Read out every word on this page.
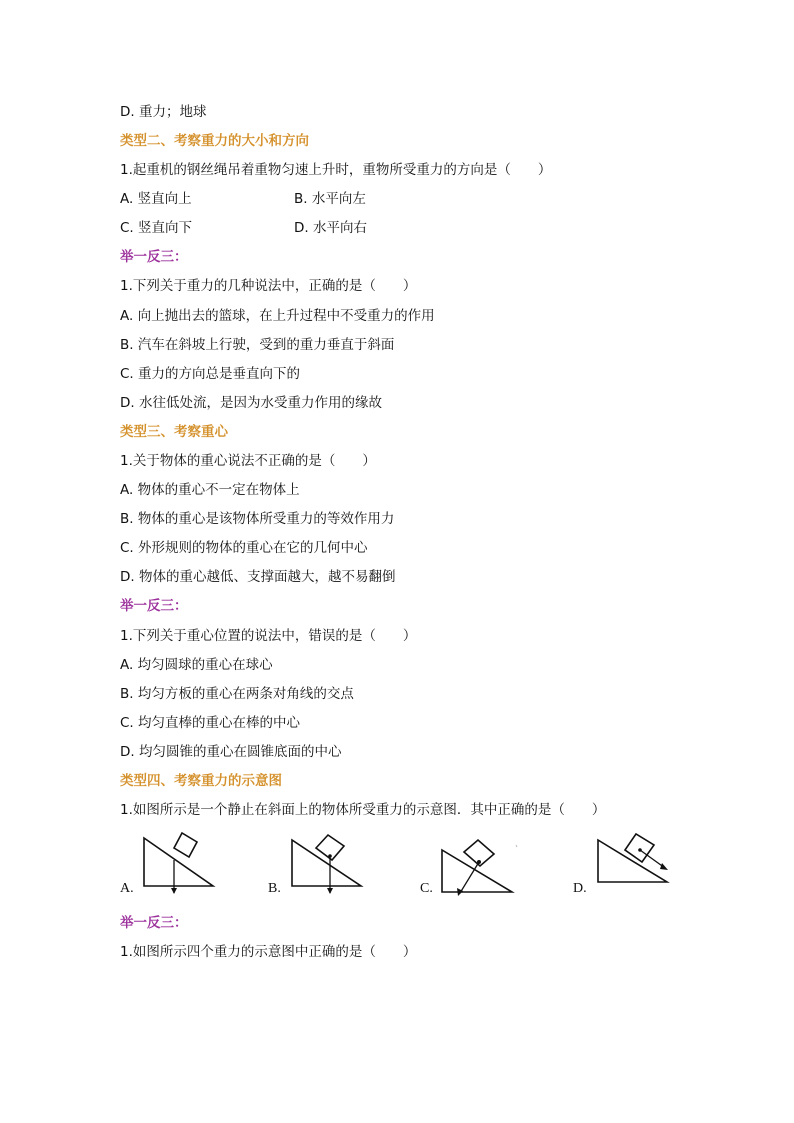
D. 重力；地球
类型二、考察重力的大小和方向
1.起重机的钢丝绳吊着重物匀速上升时，重物所受重力的方向是（　　）
A. 竖直向上	B. 水平向左
C. 竖直向下	D. 水平向右
举一反三：
1.下列关于重力的几种说法中，正确的是（　　）
A. 向上抛出去的篮球，在上升过程中不受重力的作用
B. 汽车在斜坡上行驶，受到的重力垂直于斜面
C. 重力的方向总是垂直向下的
D. 水往低处流，是因为水受重力作用的缘故
类型三、考察重心
1.关于物体的重心说法不正确的是（　　）
A. 物体的重心不一定在物体上
B. 物体的重心是该物体所受重力的等效作用力
C. 外形规则的物体的重心在它的几何中心
D. 物体的重心越低、支撑面越大，越不易翻倒
举一反三：
1.下列关于重心位置的说法中，错误的是（　　）
A. 均匀圆球的重心在球心
B. 均匀方板的重心在两条对角线的交点
C. 均匀直棒的重心在棒的中心
D. 均匀圆锥的重心在圆锥底面的中心
类型四、考察重力的示意图
1.如图所示是一个静止在斜面上的物体所受重力的示意图．其中正确的是（　　）
A.	B.	C.	D.
举一反三：
1.如图所示四个重力的示意图中正确的是（　　）
